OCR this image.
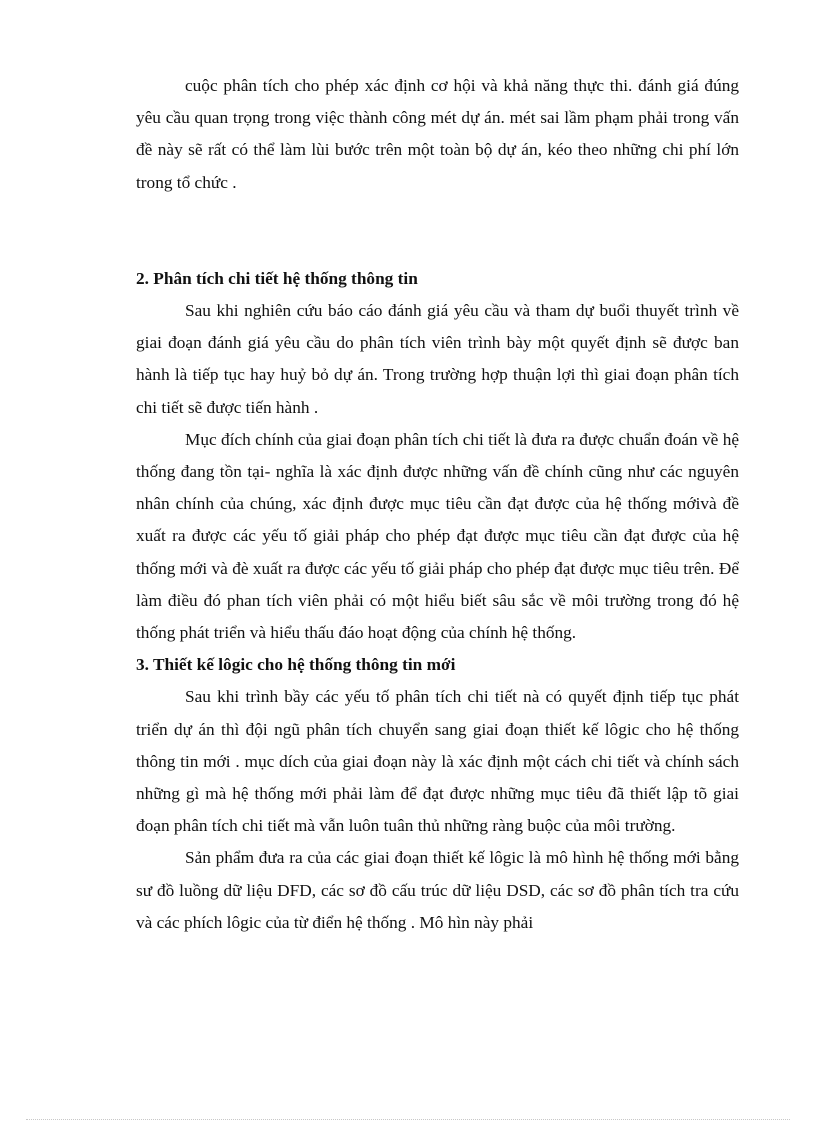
cuộc phân tích cho phép xác định cơ hội và khả năng thực thi. đánh giá đúng yêu cầu quan trọng trong việc thành công mét dự án. mét sai lầm phạm phải trong vấn đề này sẽ rất có thể làm lùi bước trên một toàn bộ dự án, kéo theo những chi phí lớn trong tổ chức .

2. Phân tích chi tiết hệ thống thông tin

Sau khi nghiên cứu báo cáo đánh giá yêu cầu và tham dự buổi thuyết trình về giai đoạn đánh giá yêu cầu do phân tích viên trình bày một quyết định sẽ được ban hành là tiếp tục hay huỷ bỏ dự án. Trong trường hợp thuận lợi thì giai đoạn phân tích chi tiết sẽ được tiến hành .

Mục đích chính của giai đoạn phân tích chi tiết là đưa ra được chuẩn đoán về hệ thống đang tồn tại- nghĩa là xác định được những vấn đề chính cũng như các nguyên nhân chính của chúng, xác định được mục tiêu cần đạt được của hệ thống mớivà đề xuất ra được các yếu tố giải pháp cho phép đạt được mục tiêu cần đạt được của hệ thống mới và đè xuất ra được các yếu tố giải pháp cho phép đạt được mục tiêu trên. Để làm điều đó phan tích viên phải có một hiểu biết sâu sắc về môi trường trong đó hệ thống phát triển và hiểu thấu đáo hoạt động của chính hệ thống.

3. Thiết kế lôgic cho hệ thống thông tin mới

Sau khi trình bầy các yếu tố phân tích chi tiết nà có quyết định tiếp tục phát triển dự án thì đội ngũ phân tích chuyển sang giai đoạn thiết kế lôgic cho hệ thống thông tin mới . mục dích của giai đoạn này là xác định một cách chi tiết và chính sách những gì mà hệ thống mới phải làm để đạt được những mục tiêu đã thiết lập tõ giai đoạn phân tích chi tiết mà vẫn luôn tuân thủ những ràng buộc của môi trường.

Sản phẩm đưa ra của các giai đoạn thiết kế lôgic là mô hình hệ thống mới bằng sư đồ luồng dữ liệu DFD, các sơ đồ cấu trúc dữ liệu DSD, các sơ đồ phân tích tra cứu và các phích lôgic của từ điển hệ thống . Mô hìn này phải
